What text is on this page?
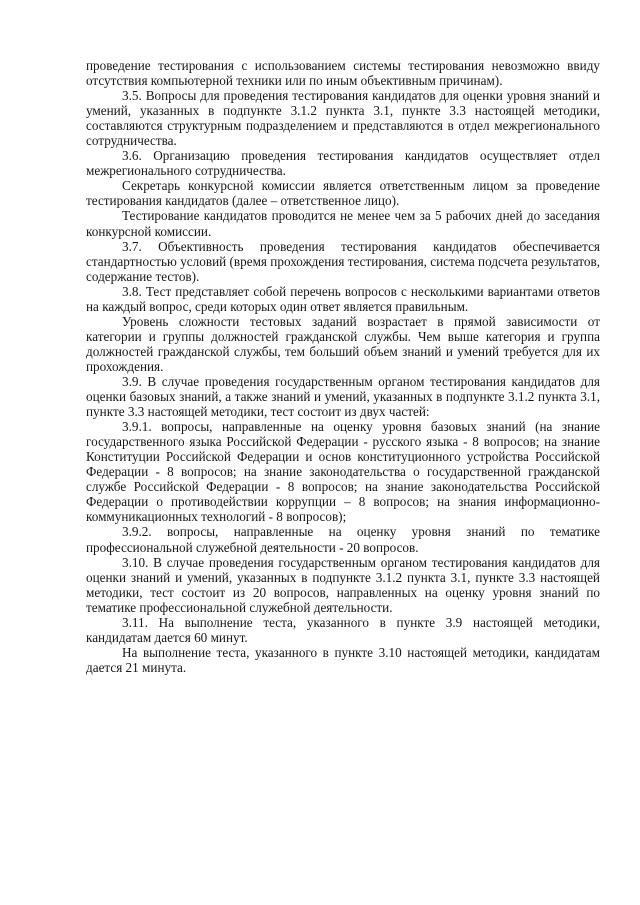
проведение тестирования с использованием системы тестирования невозможно ввиду отсутствия компьютерной техники или по иным объективным причинам).

3.5. Вопросы для проведения тестирования кандидатов для оценки уровня знаний и умений, указанных в подпункте 3.1.2 пункта 3.1, пункте 3.3 настоящей методики, составляются структурным подразделением и представляются в отдел межрегионального сотрудничества.

3.6. Организацию проведения тестирования кандидатов осуществляет отдел межрегионального сотрудничества.

Секретарь конкурсной комиссии является ответственным лицом за проведение тестирования кандидатов (далее – ответственное лицо).

Тестирование кандидатов проводится не менее чем за 5 рабочих дней до заседания конкурсной комиссии.

3.7. Объективность проведения тестирования кандидатов обеспечивается стандартностью условий (время прохождения тестирования, система подсчета результатов, содержание тестов).

3.8. Тест представляет собой перечень вопросов с несколькими вариантами ответов на каждый вопрос, среди которых один ответ является правильным.

Уровень сложности тестовых заданий возрастает в прямой зависимости от категории и группы должностей гражданской службы. Чем выше категория и группа должностей гражданской службы, тем больший объем знаний и умений требуется для их прохождения.

3.9. В случае проведения государственным органом тестирования кандидатов для оценки базовых знаний, а также знаний и умений, указанных в подпункте 3.1.2 пункта 3.1, пункте 3.3 настоящей методики, тест состоит из двух частей:

3.9.1. вопросы, направленные на оценку уровня базовых знаний (на знание государственного языка Российской Федерации - русского языка - 8 вопросов; на знание Конституции Российской Федерации и основ конституционного устройства Российской Федерации - 8 вопросов; на знание законодательства о государственной гражданской службе Российской Федерации - 8 вопросов; на знание законодательства Российской Федерации о противодействии коррупции – 8 вопросов; на знания информационно-коммуникационных технологий - 8 вопросов);

3.9.2. вопросы, направленные на оценку уровня знаний по тематике профессиональной служебной деятельности - 20 вопросов.

3.10. В случае проведения государственным органом тестирования кандидатов для оценки знаний и умений, указанных в подпункте 3.1.2 пункта 3.1, пункте 3.3 настоящей методики, тест состоит из 20 вопросов, направленных на оценку уровня знаний по тематике профессиональной служебной деятельности.

3.11. На выполнение теста, указанного в пункте 3.9 настоящей методики, кандидатам дается 60 минут.

На выполнение теста, указанного в пункте 3.10 настоящей методики, кандидатам дается 21 минута.
